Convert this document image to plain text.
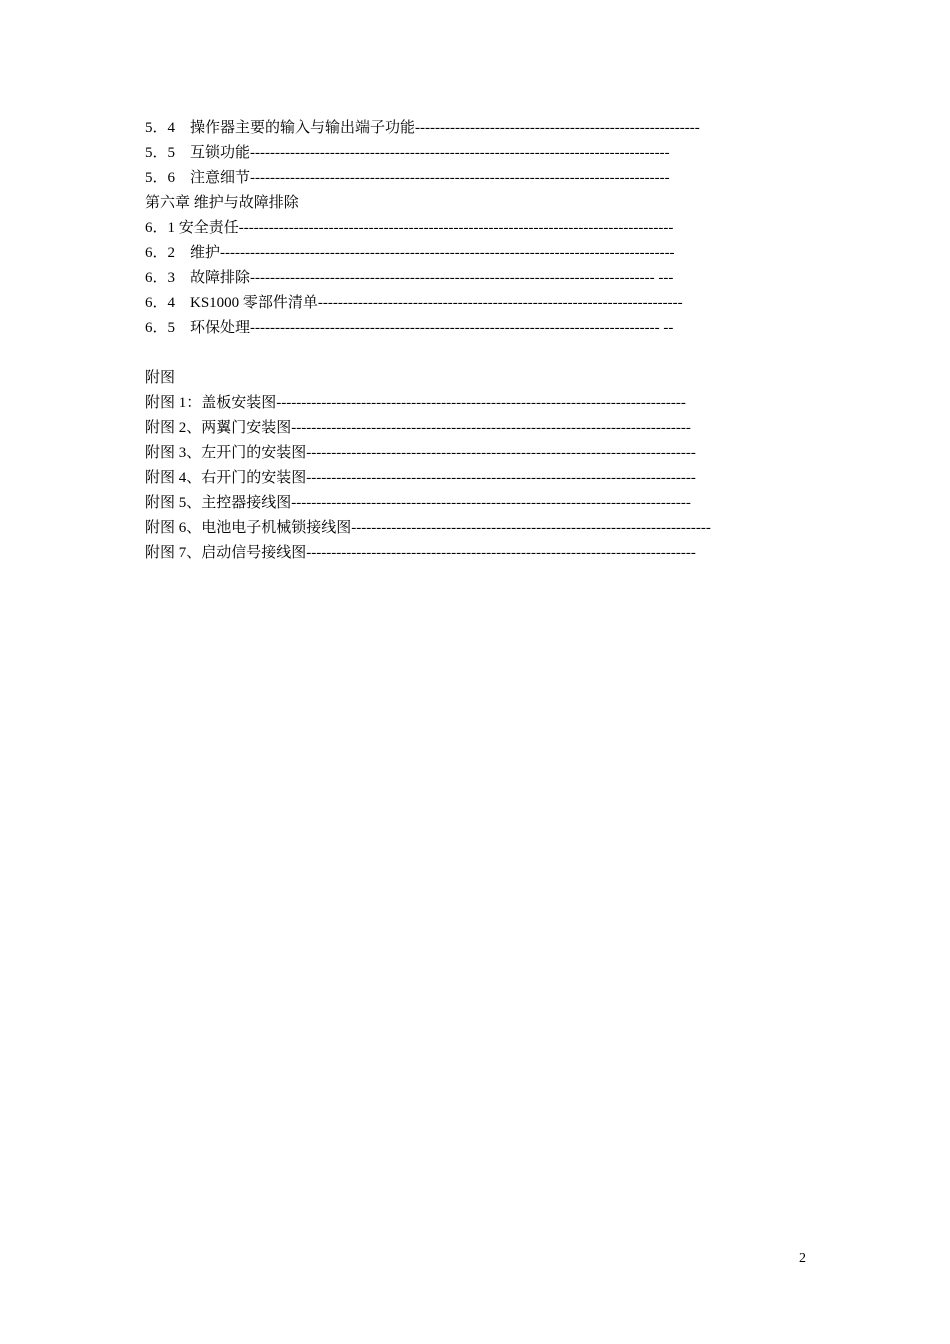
5．4　操作器主要的输入与输出端子功能---------------------------------------------------------
5．5　互锁功能------------------------------------------------------------------------------------
5．6　注意细节------------------------------------------------------------------------------------
第六章 维护与故障排除
6．1 安全责任---------------------------------------------------------------------------------------
6．2　维护-------------------------------------------------------------------------------------------
6．3　故障排除--------------------------------------------------------------------------------- ---
6．4　KS1000 零部件清单-------------------------------------------------------------------------
6．5　环保处理---------------------------------------------------------------------------------- --
附图
附图 1：盖板安装图----------------------------------------------------------------------------------
附图 2、两翼门安装图--------------------------------------------------------------------------------
附图 3、左开门的安装图------------------------------------------------------------------------------
附图 4、右开门的安装图------------------------------------------------------------------------------
附图 5、主控器接线图--------------------------------------------------------------------------------
附图 6、电池电子机械锁接线图------------------------------------------------------------------------
附图 7、启动信号接线图------------------------------------------------------------------------------
2
